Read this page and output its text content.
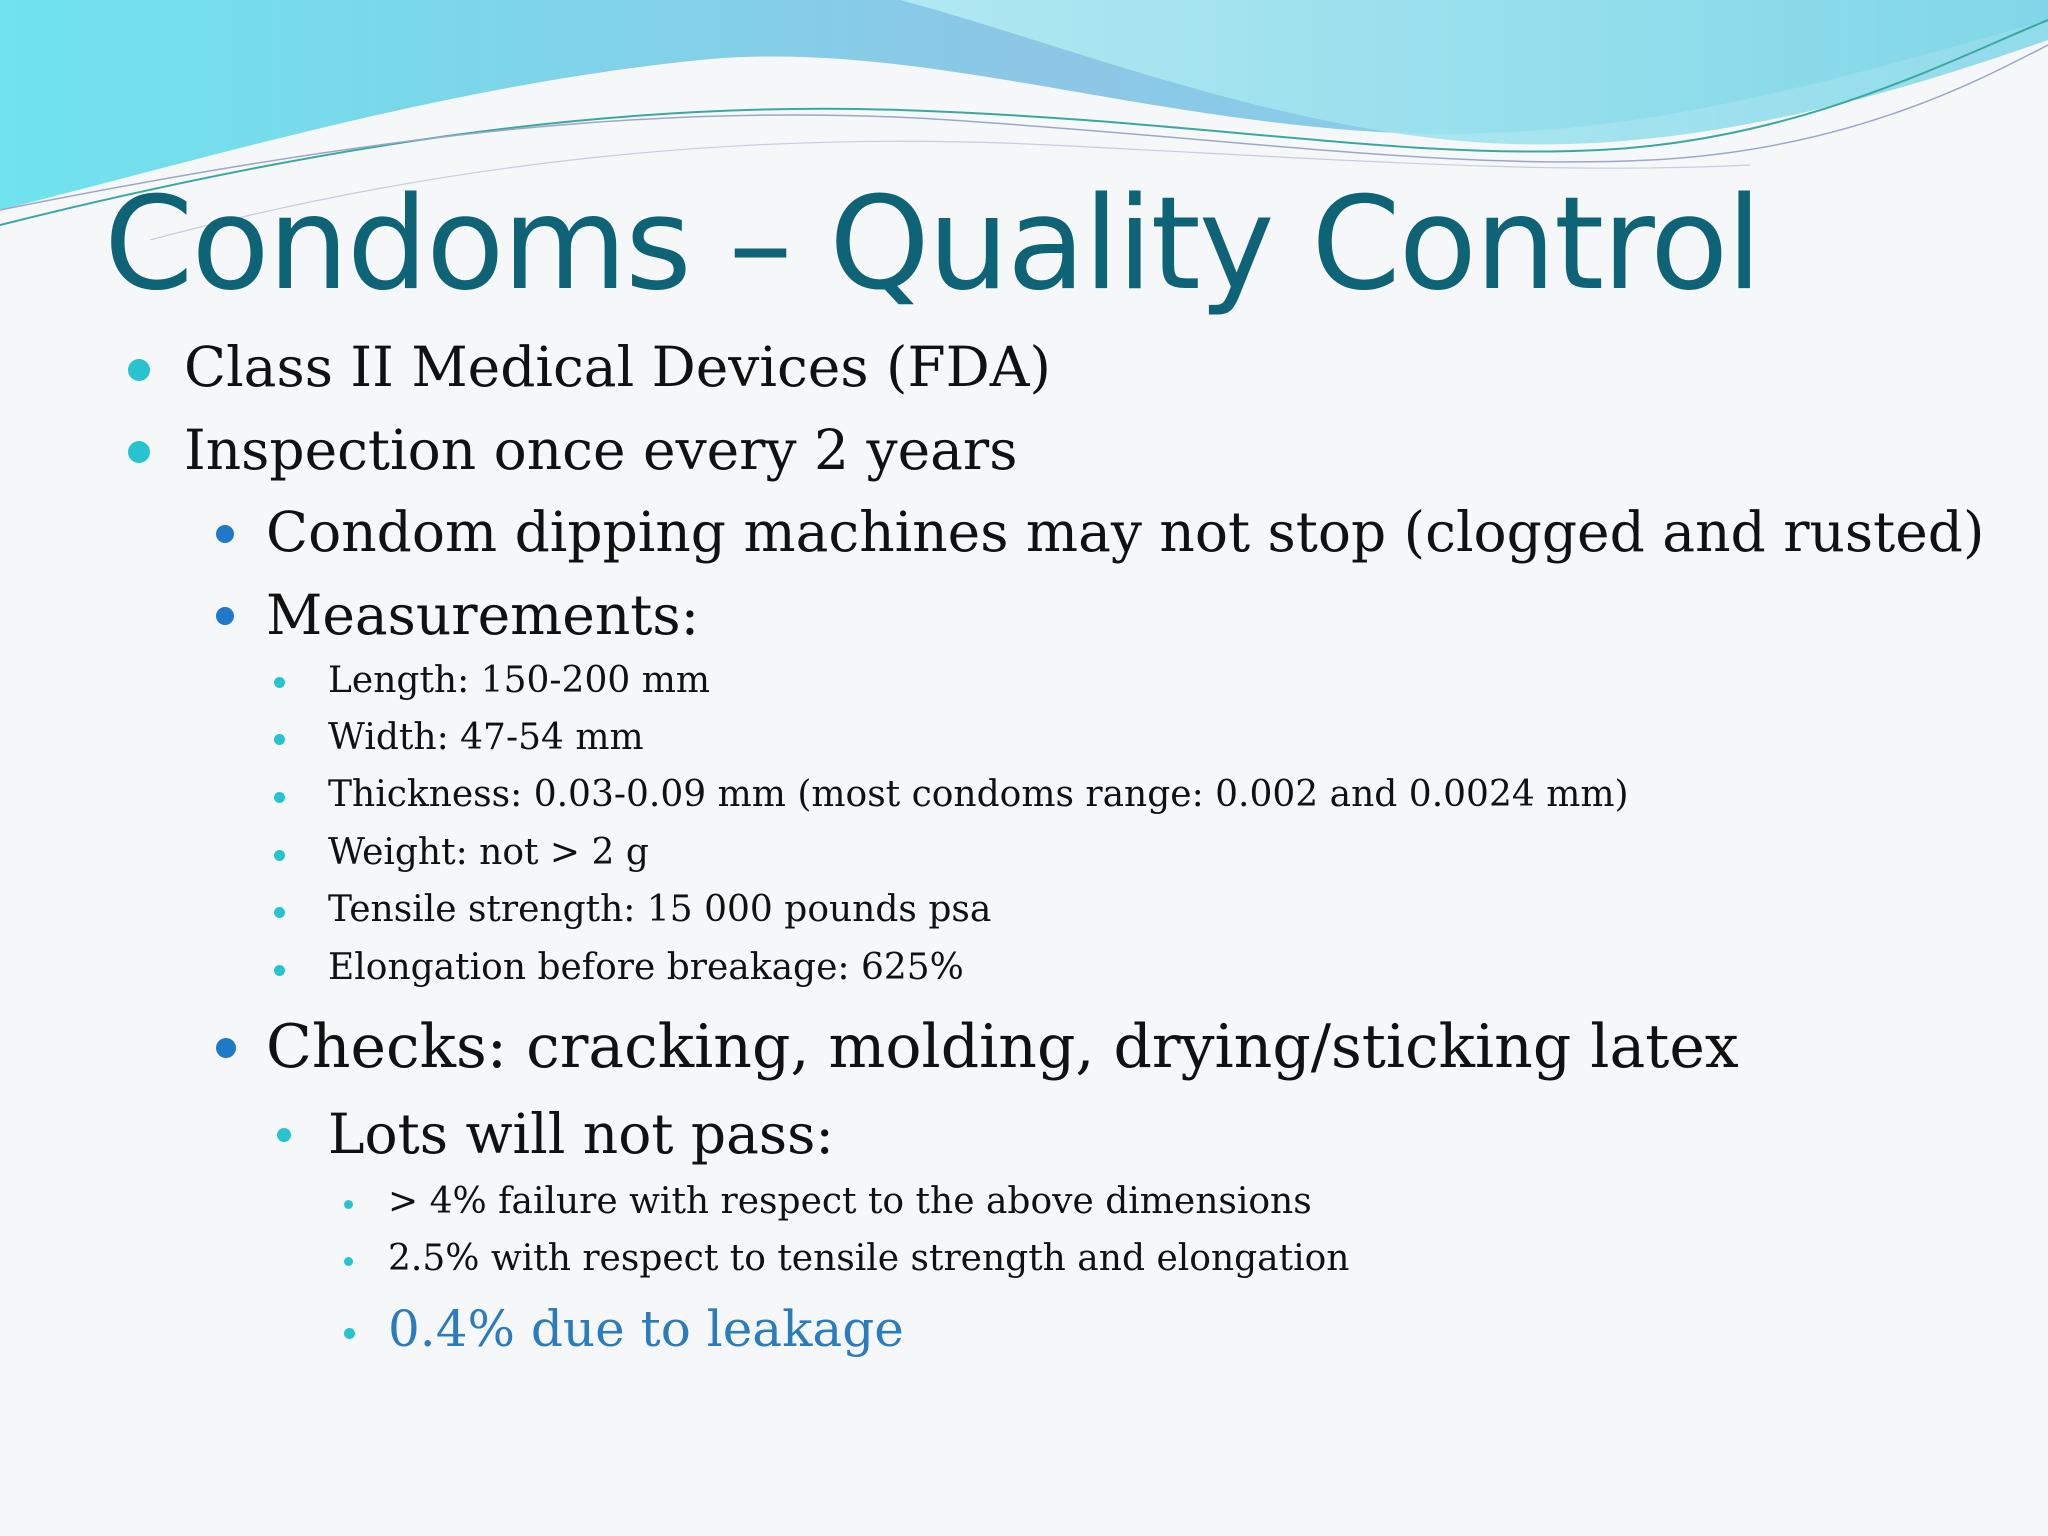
Condoms – Quality Control
Class II Medical Devices (FDA)
Inspection once every 2 years
Condom dipping machines may not stop (clogged and rusted)
Measurements:
Length: 150-200 mm
Width: 47-54 mm
Thickness: 0.03-0.09 mm (most condoms range: 0.002 and 0.0024 mm)
Weight: not > 2 g
Tensile strength: 15 000 pounds psa
Elongation before breakage: 625%
Checks: cracking, molding, drying/sticking latex
Lots will not pass:
> 4% failure with respect to the above dimensions
2.5% with respect to tensile strength and elongation
0.4% due to leakage
